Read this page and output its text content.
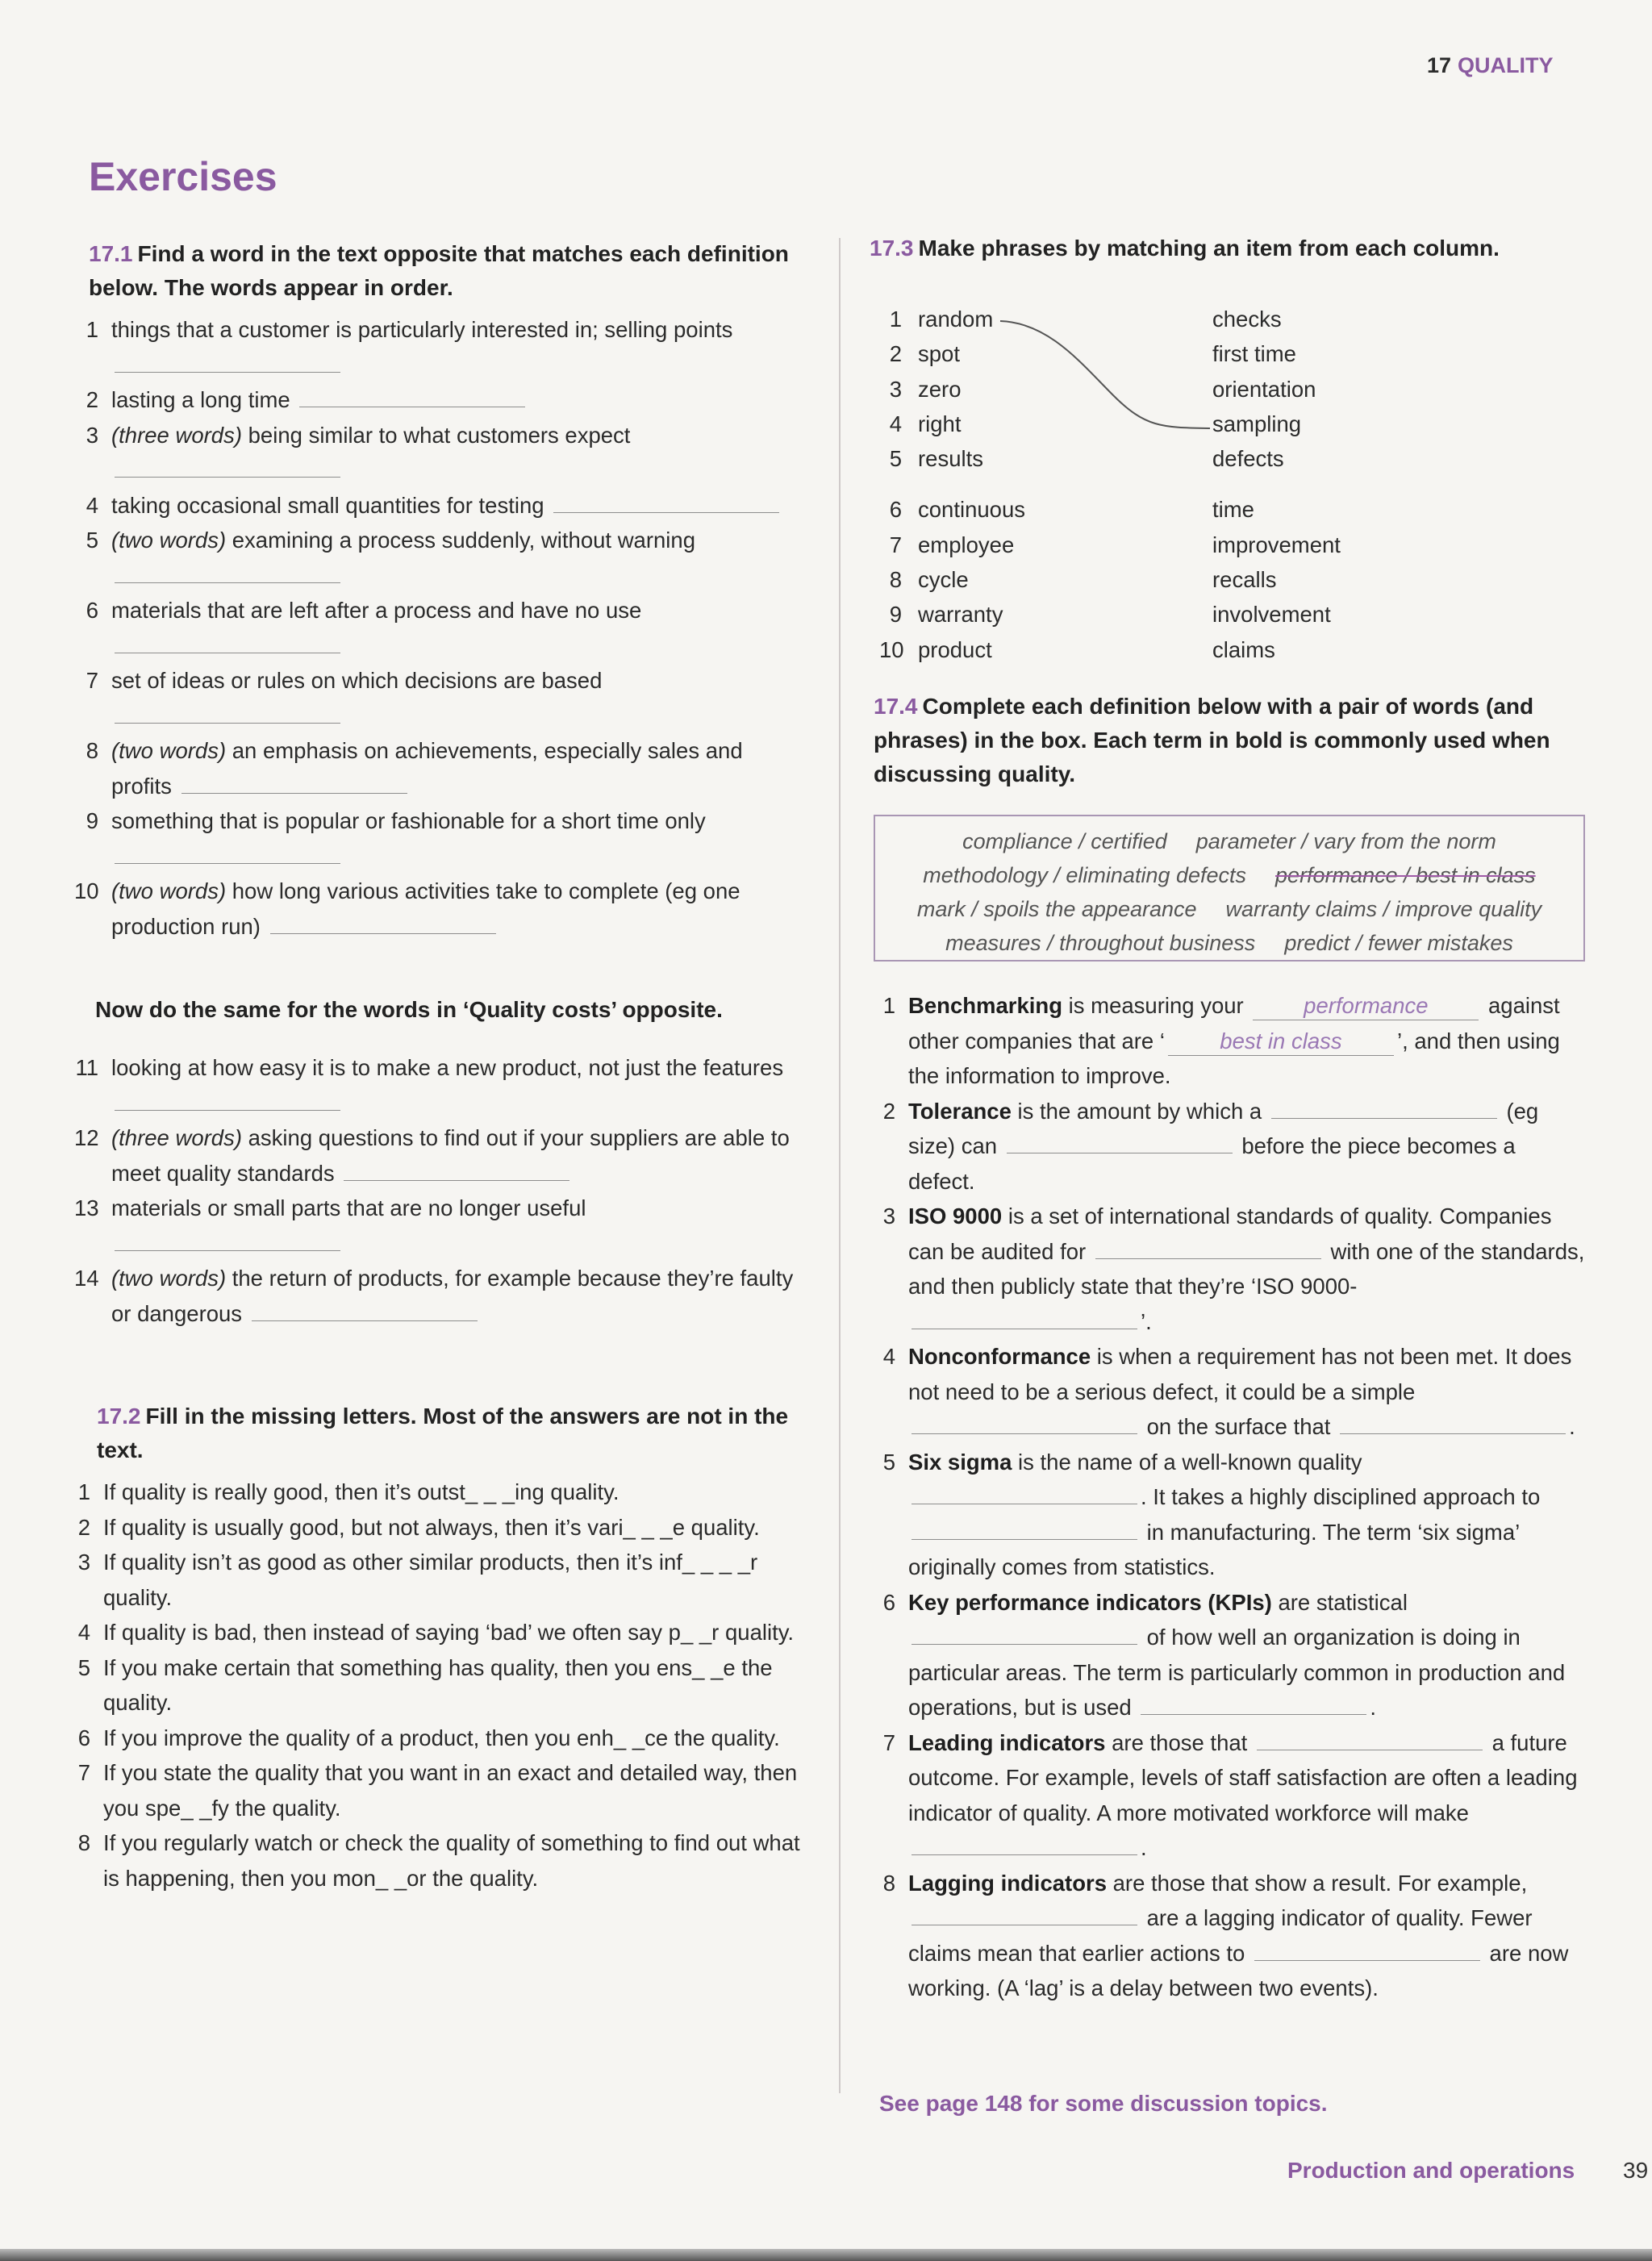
17 QUALITY
Exercises
17.1 Find a word in the text opposite that matches each definition below. The words appear in order.
1 things that a customer is particularly interested in; selling points
2 lasting a long time
3 (three words) being similar to what customers expect
4 taking occasional small quantities for testing
5 (two words) examining a process suddenly, without warning
6 materials that are left after a process and have no use
7 set of ideas or rules on which decisions are based
8 (two words) an emphasis on achievements, especially sales and profits
9 something that is popular or fashionable for a short time only
10 (two words) how long various activities take to complete (eg one production run)
Now do the same for the words in ‘Quality costs’ opposite.
11 looking at how easy it is to make a new product, not just the features
12 (three words) asking questions to find out if your suppliers are able to meet quality standards
13 materials or small parts that are no longer useful
14 (two words) the return of products, for example because they’re faulty or dangerous
17.2 Fill in the missing letters. Most of the answers are not in the text.
1 If quality is really good, then it’s outst_ _ _ing quality.
2 If quality is usually good, but not always, then it’s vari_ _ _e quality.
3 If quality isn’t as good as other similar products, then it’s inf_ _ _ _r quality.
4 If quality is bad, then instead of saying ‘bad’ we often say p_ _r quality.
5 If you make certain that something has quality, then you ens_ _e the quality.
6 If you improve the quality of a product, then you enh_ _ce the quality.
7 If you state the quality that you want in an exact and detailed way, then you spe_ _fy the quality.
8 If you regularly watch or check the quality of something to find out what is happening, then you mon_ _or the quality.
17.3 Make phrases by matching an item from each column.
1 random	checks
2 spot	first time
3 zero	orientation
4 right	sampling
5 results	defects
6 continuous	time
7 employee	improvement
8 cycle	recalls
9 warranty	involvement
10 product	claims
17.4 Complete each definition below with a pair of words (and phrases) in the box. Each term in bold is commonly used when discussing quality.
compliance / certified parameter / vary from the norm
methodology / eliminating defects performance / best in class
mark / spoils the appearance warranty claims / improve quality
measures / throughout business predict / fewer mistakes
1 Benchmarking is measuring your performance against other companies that are ‘ best in class ’, and then using the information to improve.
2 Tolerance is the amount by which a	(eg size) can	before the piece becomes a defect.
3 ISO 9000 is a set of international standards of quality. Companies can be audited for	with one of the standards, and then publicly state that they’re ‘ISO 9000-’.
4 Nonconformance is when a requirement has not been met. It does not need to be a serious defect, it could be a simple  on the surface that	.
5 Six sigma is the name of a well-known quality . It takes a highly disciplined approach to  in manufacturing. The term ‘six sigma’ originally comes from statistics.
6 Key performance indicators (KPIs) are statistical  of how well an organization is doing in particular areas. The term is particularly common in production and operations, but is used	.
7 Leading indicators are those that	a future outcome. For example, levels of staff satisfaction are often a leading indicator of quality. A more motivated workforce will make .
8 Lagging indicators are those that show a result. For example,  are a lagging indicator of quality. Fewer claims mean that earlier actions to	are now working. (A ‘lag’ is a delay between two events).
See page 148 for some discussion topics.
Production and operations 39
